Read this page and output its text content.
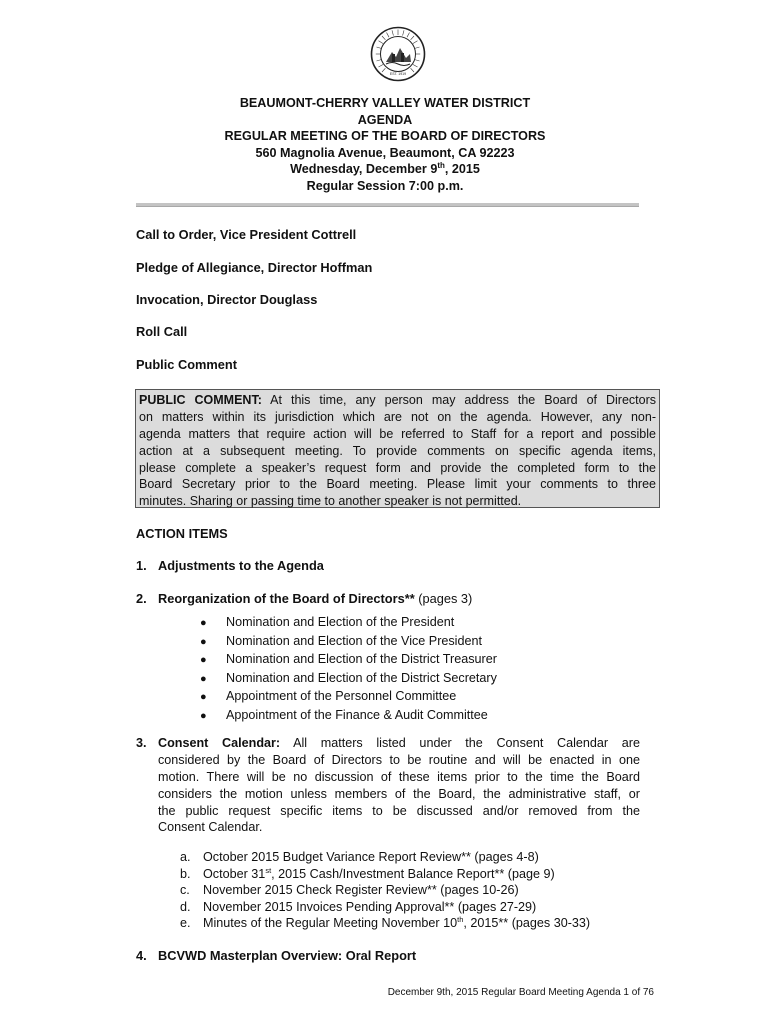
EST. 1919
BEAUMONT-CHERRY VALLEY WATER DISTRICT
AGENDA
REGULAR MEETING OF THE BOARD OF DIRECTORS
560 Magnolia Avenue, Beaumont, CA 92223
Wednesday, December 9th, 2015
Regular Session 7:00 p.m.
Call to Order, Vice President Cottrell
Pledge of Allegiance, Director Hoffman
Invocation, Director Douglass
Roll Call
Public Comment
PUBLIC COMMENT: At this time, any person may address the Board of Directors
on matters within its jurisdiction which are not on the agenda. However, any non-
agenda matters that require action will be referred to Staff for a report and possible
action at a subsequent meeting. To provide comments on specific agenda items,
please complete a speaker’s request form and provide the completed form to the
Board Secretary prior to the Board meeting. Please limit your comments to three
minutes. Sharing or passing time to another speaker is not permitted.
ACTION ITEMS
1. Adjustments to the Agenda
2. Reorganization of the Board of Directors** (pages 3)
● Nomination and Election of the President
● Nomination and Election of the Vice President
● Nomination and Election of the District Treasurer
● Nomination and Election of the District Secretary
● Appointment of the Personnel Committee
● Appointment of the Finance & Audit Committee
3. Consent Calendar: All matters listed under the Consent Calendar are
considered by the Board of Directors to be routine and will be enacted in one
motion. There will be no discussion of these items prior to the time the Board
considers the motion unless members of the Board, the administrative staff, or
the public request specific items to be discussed and/or removed from the
Consent Calendar.
a. October 2015 Budget Variance Report Review** (pages 4-8)
b. October 31st, 2015 Cash/Investment Balance Report** (page 9)
c. November 2015 Check Register Review** (pages 10-26)
d. November 2015 Invoices Pending Approval** (pages 27-29)
e. Minutes of the Regular Meeting November 10th, 2015** (pages 30-33)
4. BCVWD Masterplan Overview: Oral Report
December 9th, 2015 Regular Board Meeting Agenda 1 of 76
